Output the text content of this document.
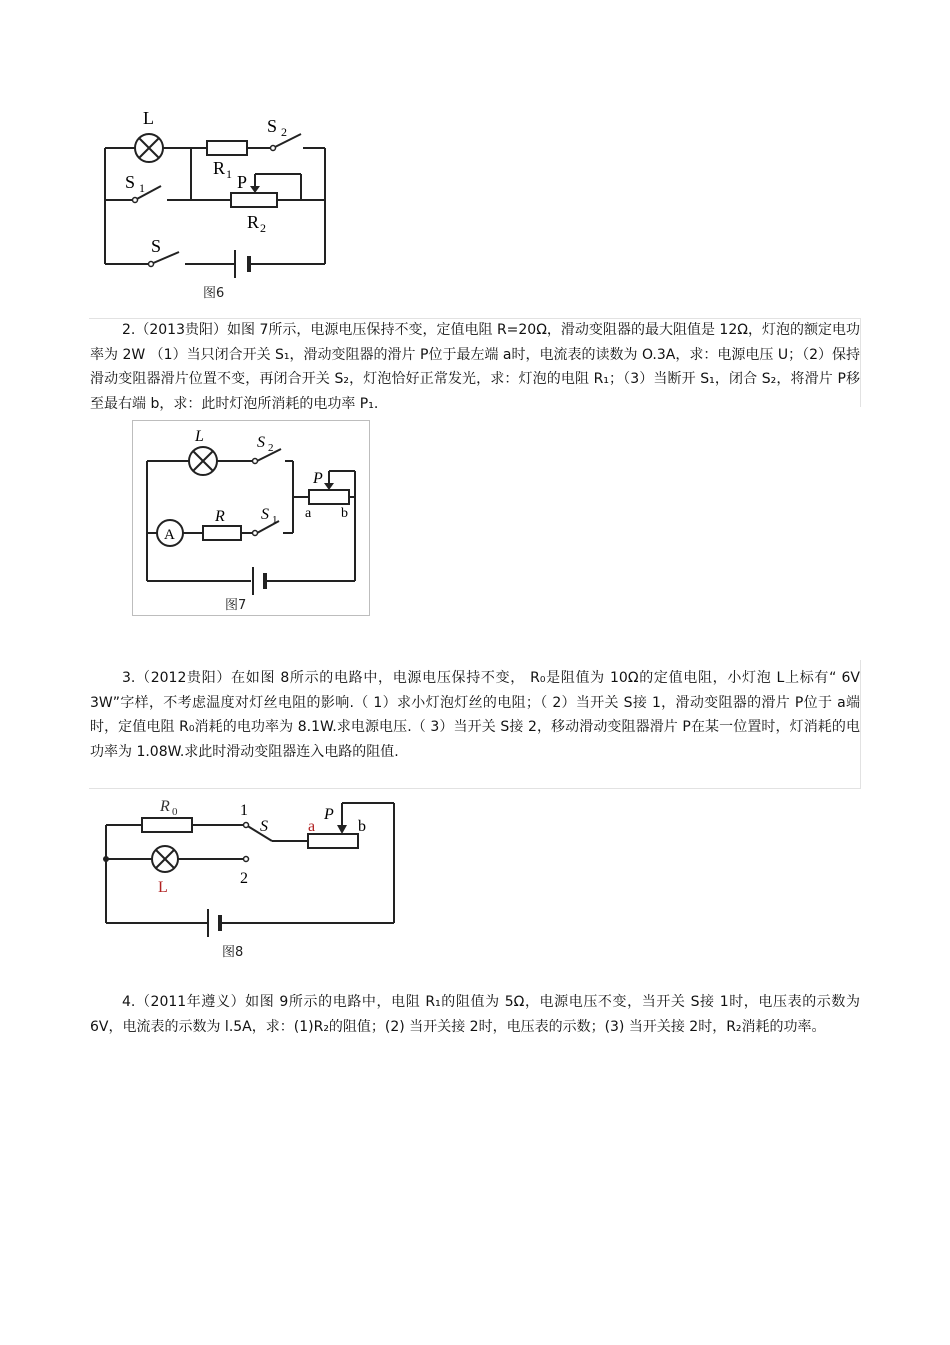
L	S 2
R 1
S 1	P
R 2
S
图6

2.（2013贵阳）如图 7所示，电源电压保持不变，定值电阻 R=20Ω，滑动变阻器的最大阻值是 12Ω，灯泡的额定电功率为 2W （1）当只闭合开关 S₁，滑动变阻器的滑片 P位于最左端 a时，电流表的读数为 O.3A，求：电源电压 U；（2）保持滑动变阻器滑片位置不变，再闭合开关 S₂，灯泡恰好正常发光，求：灯泡的电阻 R₁；（3）当断开 S₁，闭合 S₂，将滑片 P移至最右端 b，求：此时灯泡所消耗的电功率 P₁.

A
L	S 2
P
a b
R S 1
图7

3.（2012贵阳）在如图 8所示的电路中，电源电压保持不变， R₀是阻值为 10Ω的定值电阻，小灯泡 L上标有“ 6V 3W”字样，不考虑温度对灯丝电阻的影响.（ 1）求小灯泡灯丝的电阻；（ 2）当开关 S接 1，滑动变阻器的滑片 P位于 a端时，定值电阻 R₀消耗的电功率为 8.1W.求电源电压.（ 3）当开关 S接 2，移动滑动变阻器滑片 P在某一位置时，灯消耗的电功率为 1.08W.求此时滑动变阻器连入电路的阻值.

R 0	1
S	a
P
b
L
2
图8

4.（2011年遵义）如图 9所示的电路中，电阻 R₁的阻值为 5Ω，电源电压不变，当开关 S接 1时，电压表的示数为 6V，电流表的示数为 l.5A，求：(1)R₂的阻值；(2) 当开关接 2时，电压表的示数；(3) 当开关接 2时，R₂消耗的功率。
